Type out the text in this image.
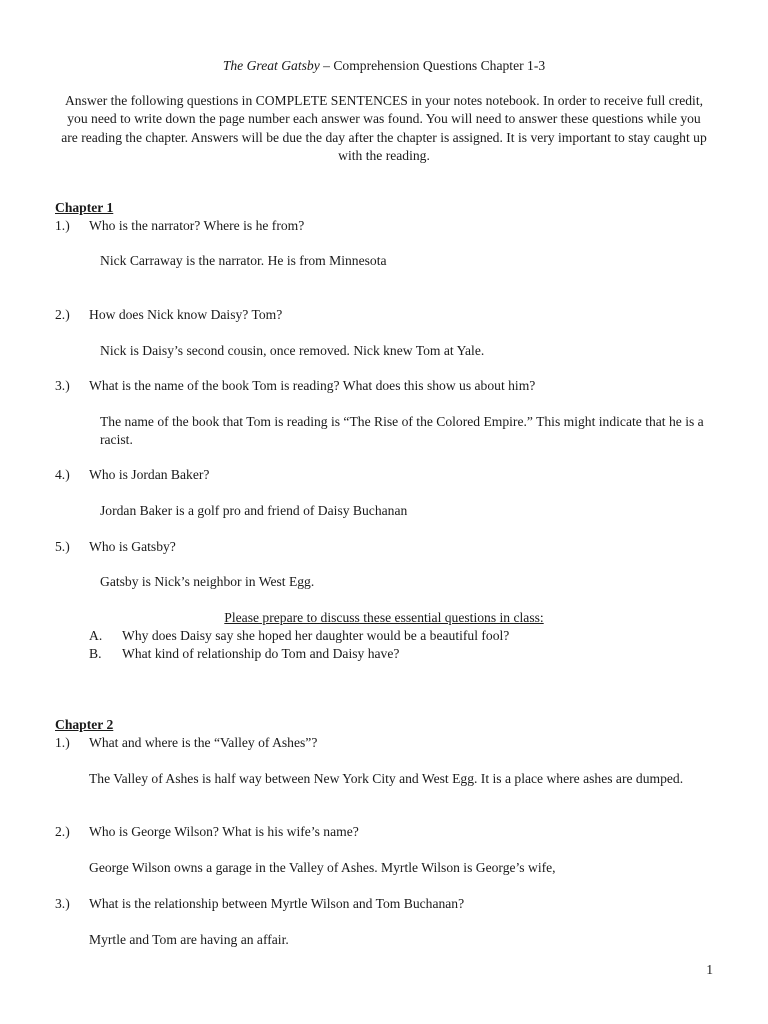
The Great Gatsby – Comprehension Questions Chapter 1-3
Answer the following questions in COMPLETE SENTENCES in your notes notebook. In order to receive full credit, you need to write down the page number each answer was found. You will need to answer these questions while you are reading the chapter. Answers will be due the day after the chapter is assigned. It is very important to stay caught up with the reading.
Chapter 1
1.) Who is the narrator? Where is he from?
Nick Carraway is the narrator. He is from Minnesota
2.) How does Nick know Daisy? Tom?
Nick is Daisy’s second cousin, once removed. Nick knew Tom at Yale.
3.) What is the name of the book Tom is reading? What does this show us about him?
The name of the book that Tom is reading is “The Rise of the Colored Empire.” This might indicate that he is a racist.
4.) Who is Jordan Baker?
Jordan Baker is a golf pro and friend of Daisy Buchanan
5.) Who is Gatsby?
Gatsby is Nick’s neighbor in West Egg.
Please prepare to discuss these essential questions in class:
A. Why does Daisy say she hoped her daughter would be a beautiful fool?
B. What kind of relationship do Tom and Daisy have?
Chapter 2
1.) What and where is the “Valley of Ashes”?
The Valley of Ashes is half way between New York City and West Egg. It is a place where ashes are dumped.
2.) Who is George Wilson? What is his wife’s name?
George Wilson owns a garage in the Valley of Ashes. Myrtle Wilson is George’s wife,
3.) What is the relationship between Myrtle Wilson and Tom Buchanan?
Myrtle and Tom are having an affair.
1
